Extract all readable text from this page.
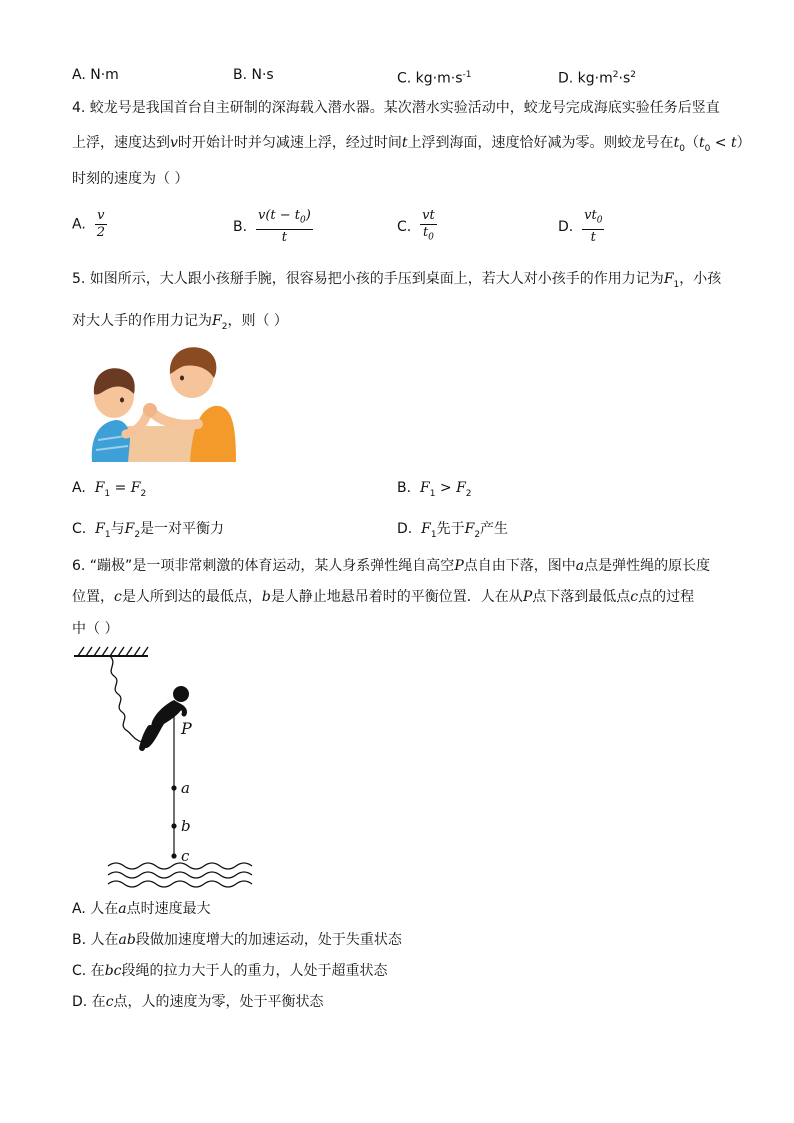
A. N·m	B. N·s	C. $kg\cdot m\cdot s^{-1}$	D. $kg\cdot m^2\cdot s^2$
4. 蛟龙号是我国首台自主研制的深海载入潜水器。某次潜水实验活动中，蛟龙号完成海底实验任务后竖直
上浮，速度达到v时开始计时并匀减速上浮，经过时间t上浮到海面，速度恰好减为零。则蛟龙号在$t_0(t_0 < t)$
时刻的速度为（ ）
A. $\frac{v}{2}$	B. $\frac{v(t - t_0)}{t}$	C. $\frac{vt}{t_0}$	D. $\frac{vt_0}{t}$
5. 如图所示，大人跟小孩掰手腕，很容易把小孩的手压到桌面上，若大人对小孩手的作用力记为$F_1$，小孩
对大人手的作用力记为$F_2$，则（ ）
A. $F_1 = F_2$	B. $F_1 > F_2$
C. $F_1$与$F_2$是一对平衡力	D. $F_1$先于$F_2$产生
6. “蹦极”是一项非常刺激的体育运动，某人身系弹性绳自高空P点自由下落，图中a点是弹性绳的原长度
位置，c是人所到达的最低点，b是人静止地悬吊着时的平衡位置．人在从P点下落到最低点c点的过程
中（ ）
P
a
b
c
A. 人在a点时速度最大
B. 人在ab段做加速度增大的加速运动，处于失重状态
C. 在bc段绳的拉力大于人的重力，人处于超重状态
D. 在c点，人的速度为零，处于平衡状态
